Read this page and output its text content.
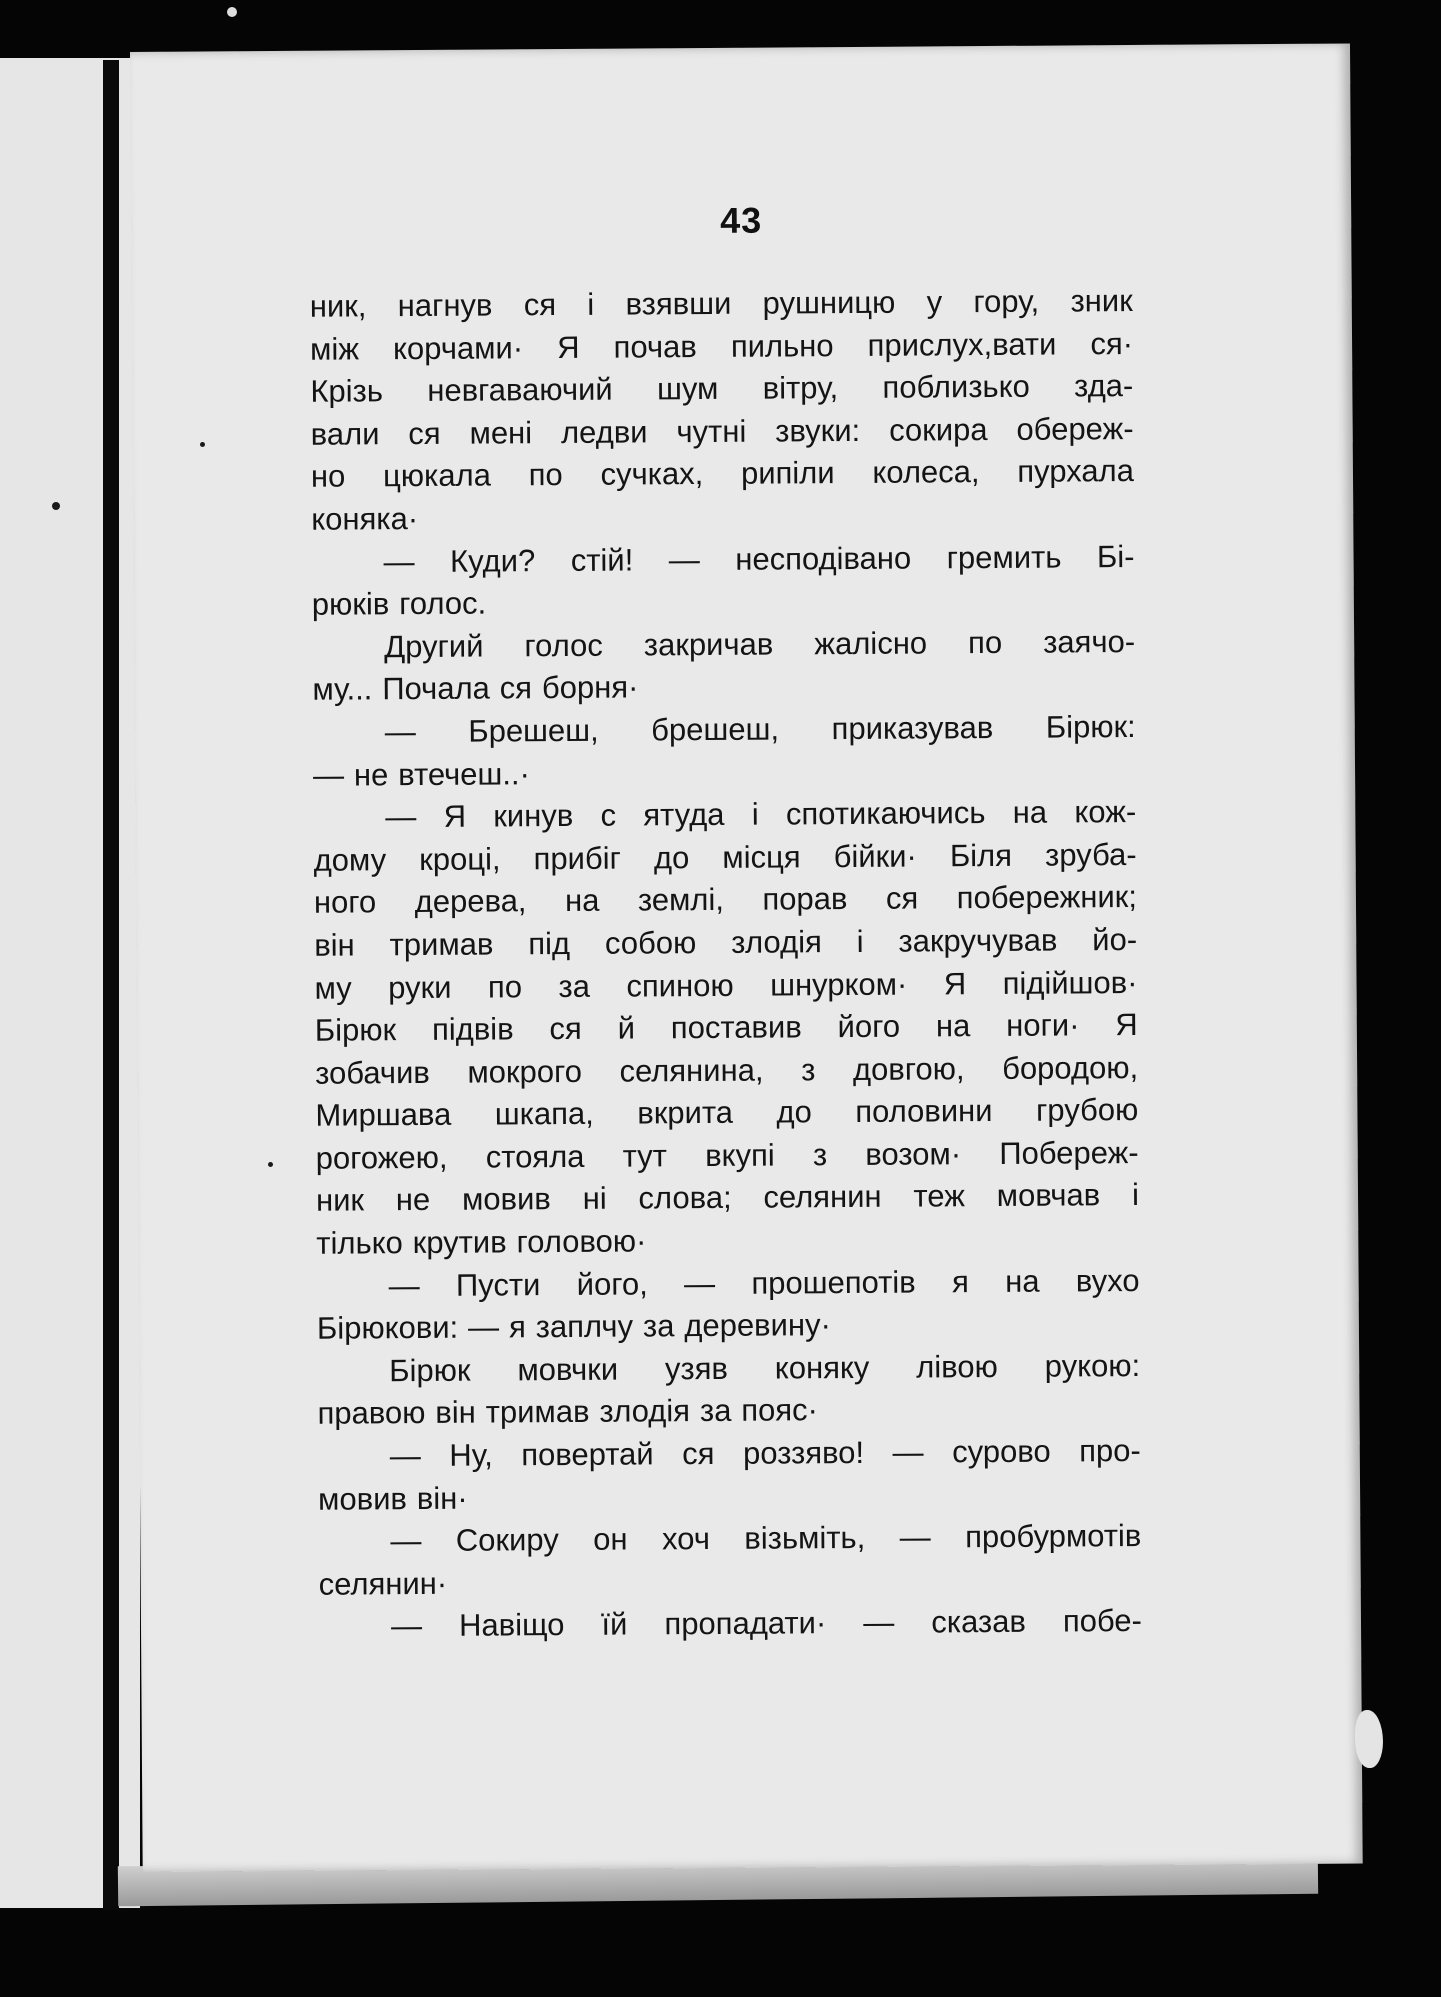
43
ник, нагнув ся і взявши рушницю у гору, зник
між корчами· Я почав пильно прислух,вати ся·
Крізь невгаваючий шум вітру, поблизько зда-
вали ся мені ледви чутні звуки: сокира обереж-
но цюкала по сучках, рипіли колеса, пурхала
коняка·
— Куди? стій! — несподівано гремить Бі-
рюків голос.
Другий голос закричав жалісно по заячо-
му... Почала ся борня·
— Брешеш, брешеш, приказував Бірюк:
— не втечеш..·
— Я кинув с ятуда і спотикаючись на кож-
дому кроці, прибіг до місця бійки· Біля зруба-
ного дерева, на землі, порав ся побережник;
він тримав під собою злодія і закручував йо-
му руки по за спиною шнурком· Я підійшов·
Бірюк підвів ся й поставив його на ноги· Я
зобачив мокрого селянина, з довгою, бородою,
Миршава шкапа, вкрита до половини грубою
рогожею, стояла тут вкупі з возом· Побереж-
ник не мовив ні слова; селянин теж мовчав і
тілько крутив головою·
— Пусти його, — прошепотів я на вухо
Бірюкови: — я заплчу за деревину·
Бірюк мовчки узяв коняку лівою рукою:
правою він тримав злодія за пояс·
— Ну, повертай ся роззяво! — сурово про-
мовив він·
— Сокиру он хоч візьміть, — пробурмотів
селянин·
— Навіщо їй пропадати· — сказав побе-
